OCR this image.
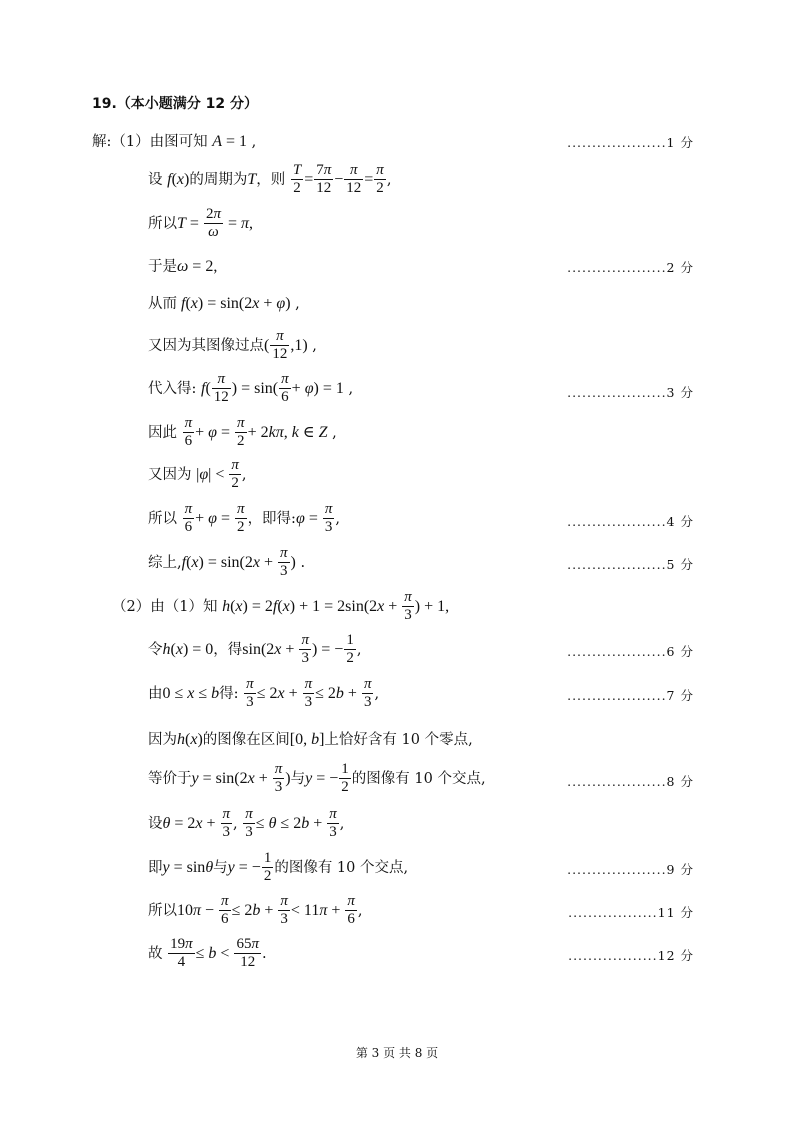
19.（本小题满分 12 分）
解:（1）由图可知 A = 1 ,	....................1 分
设 f(x)的周期为T，则 $\frac{T}{2} = \frac{7\pi}{12} - \frac{\pi}{12} = \frac{\pi}{2}$ ,
所以$T = \frac{2\pi}{\omega} = \pi$,
于是ω = 2,	....................2 分
从而 f(x) = sin(2x + φ) ,
又因为其图像过点( $\frac{\pi}{12} ,1$) ,
代入得: $f( \frac{\pi}{12}$ ) = $\sin( \frac{\pi}{6} + \varphi) = 1$ ,	....................3 分
因此 $\frac{\pi}{6} + \varphi = \frac{\pi}{2} + 2k\pi$, k ∈ Z ,
又因为 $|\varphi| < \frac{\pi}{2}$ ,
所以 $\frac{\pi}{6} + \varphi = \frac{\pi}{2}$ ，即得:φ = $\frac{\pi}{3}$ ,	....................4 分
综上$,f(x) = \sin(2x + \frac{\pi}{3}$ ) .	....................5 分
（2）由（1）知 $h(x) = 2f(x) + 1 = 2\sin(2x + \frac{\pi}{3}$ ) + 1,
令h(x) = 0，得$\sin(2x + \frac{\pi}{3}$ ) = − $\frac{1}{2}$ ,	....................6 分
由0 ≤ x ≤ b得: $\frac{\pi}{3} \le 2x + \frac{\pi}{3} \le 2b + \frac{\pi}{3}$ ,	....................7 分
因为h(x)的图像在区间[0, b]上恰好含有 10 个零点,
等价于$y = \sin(2x + \frac{\pi}{3}$ )与y = − $\frac{1}{2}$ 的图像有 10 个交点,	....................8 分
设$\theta = 2x + \frac{\pi}{3}$ , $\frac{\pi}{3} \le \theta \le 2b + \frac{\pi}{3}$ ,
即y = sinθ与y = − $\frac{1}{2}$ 的图像有 10 个交点,	....................9 分
所以$10\pi - \frac{\pi}{6} \le 2b + \frac{\pi}{3} < 11\pi + \frac{\pi}{6}$ ,	..................11 分
故 $\frac{19\pi}{4} \le b < \frac{65\pi}{12}$ .	..................12 分
第 3 页 共 8 页
